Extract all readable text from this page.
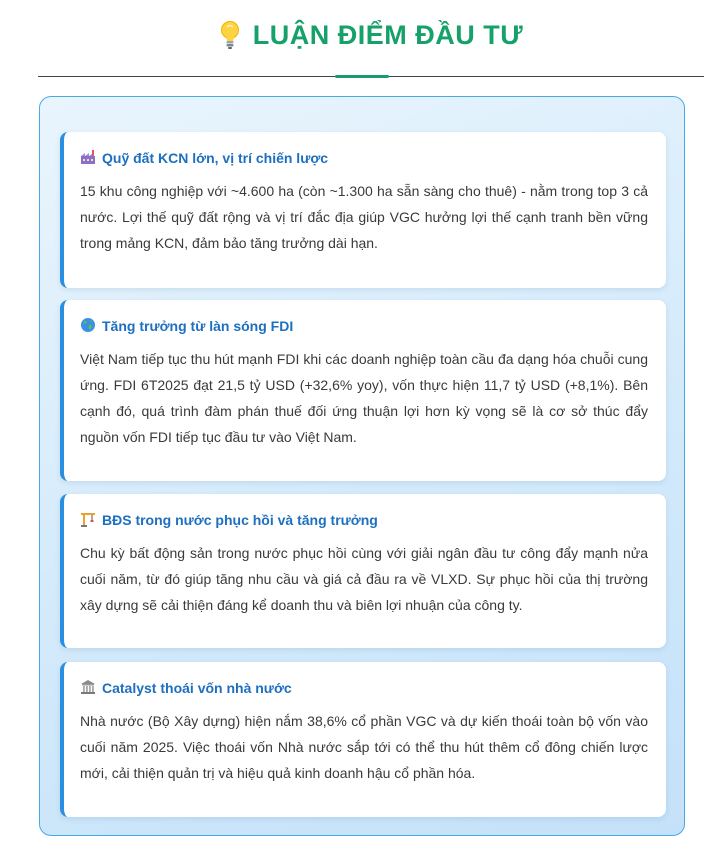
LUẬN ĐIỂM ĐẦU TƯ
Quỹ đất KCN lớn, vị trí chiến lược

15 khu công nghiệp với ~4.600 ha (còn ~1.300 ha sẵn sàng cho thuê) - nằm trong top 3 cả nước. Lợi thế quỹ đất rộng và vị trí đắc địa giúp VGC hưởng lợi thế cạnh tranh bền vững trong mảng KCN, đảm bảo tăng trưởng dài hạn.

Tăng trưởng từ làn sóng FDI

Việt Nam tiếp tục thu hút mạnh FDI khi các doanh nghiệp toàn cầu đa dạng hóa chuỗi cung ứng. FDI 6T2025 đạt 21,5 tỷ USD (+32,6% yoy), vốn thực hiện 11,7 tỷ USD (+8,1%). Bên cạnh đó, quá trình đàm phán thuế đối ứng thuận lợi hơn kỳ vọng sẽ là cơ sở thúc đẩy nguồn vốn FDI tiếp tục đầu tư vào Việt Nam.

BĐS trong nước phục hồi và tăng trưởng

Chu kỳ bất động sản trong nước phục hồi cùng với giải ngân đầu tư công đẩy mạnh nửa cuối năm, từ đó giúp tăng nhu cầu và giá cả đầu ra về VLXD. Sự phục hồi của thị trường xây dựng sẽ cải thiện đáng kể doanh thu và biên lợi nhuận của công ty.

Catalyst thoái vốn nhà nước

Nhà nước (Bộ Xây dựng) hiện nắm 38,6% cổ phần VGC và dự kiến thoái toàn bộ vốn vào cuối năm 2025. Việc thoái vốn Nhà nước sắp tới có thể thu hút thêm cổ đông chiến lược mới, cải thiện quản trị và hiệu quả kinh doanh hậu cổ phần hóa.
